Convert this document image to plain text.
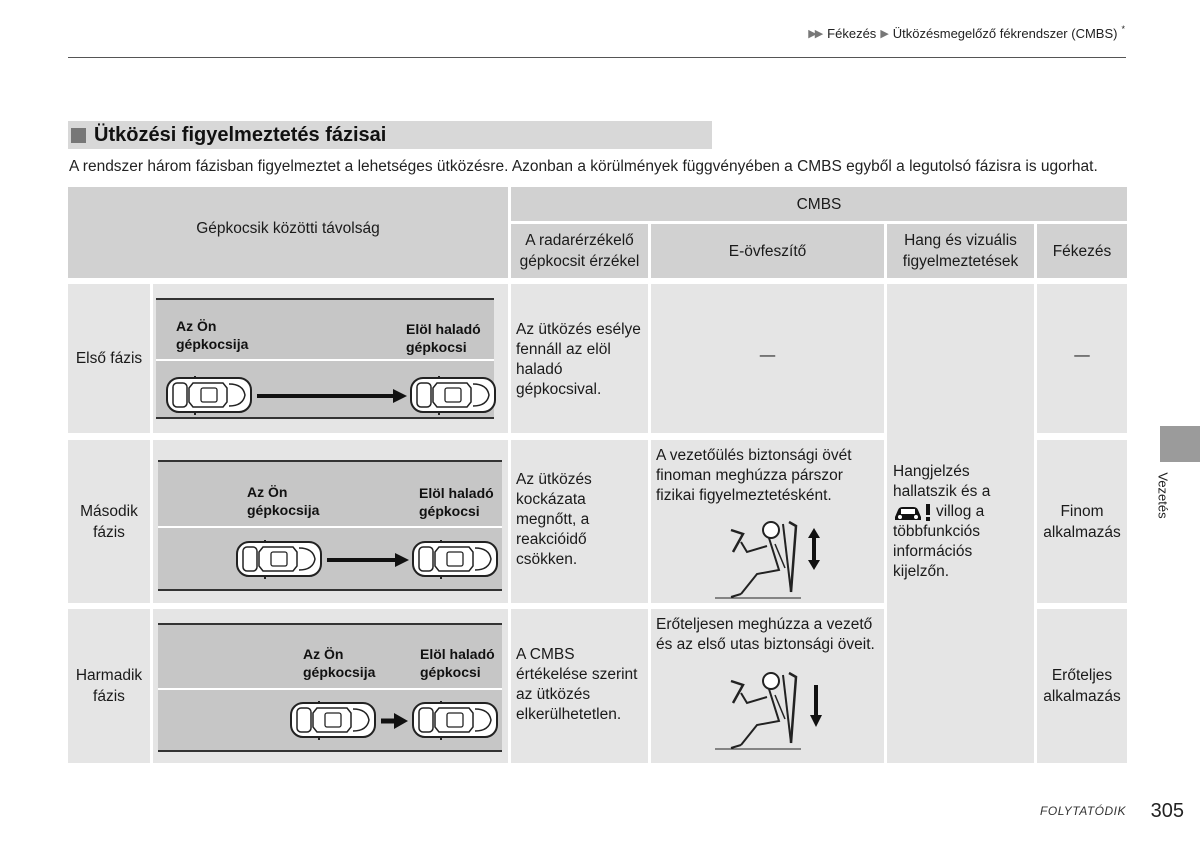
▶▶ Fékezés ▶ Ütközésmegelőző fékrendszer (CMBS) *
Ütközési figyelmeztetés fázisai
A rendszer három fázisban figyelmeztet a lehetséges ütközésre. Azonban a körülmények függvényében a CMBS egyből a legutolsó fázisra is ugorhat.
Gépkocsik közötti távolság
CMBS
A radarérzékelő
gépkocsit érzékel
E-övfeszítő
Hang és vizuális
figyelmeztetések
Fékezés
Első fázis
Az Ön
gépkocsija
Elöl haladó
gépkocsi
Az ütközés esélye fennáll az elöl haladó gépkocsival.
—	—
Hangjelzés
hallatszik és a
villog a
többfunkciós
információs
kijelzőn.
Második
fázis
Az Ön
gépkocsija
Elöl haladó
gépkocsi
Az ütközés kockázata megnőtt, a reakcióidő csökken.
A vezetőülés biztonsági övét finoman meghúzza párszor fizikai figyelmeztetésként.
Finom
alkalmazás
Harmadik
fázis
Az Ön
gépkocsija
Elöl haladó
gépkocsi
A CMBS értékelése szerint az ütközés elkerülhetetlen.
Erőteljesen meghúzza a vezető és az első utas biztonsági öveit.
Erőteljes
alkalmazás
Vezetés
FOLYTATÓDIK 305
